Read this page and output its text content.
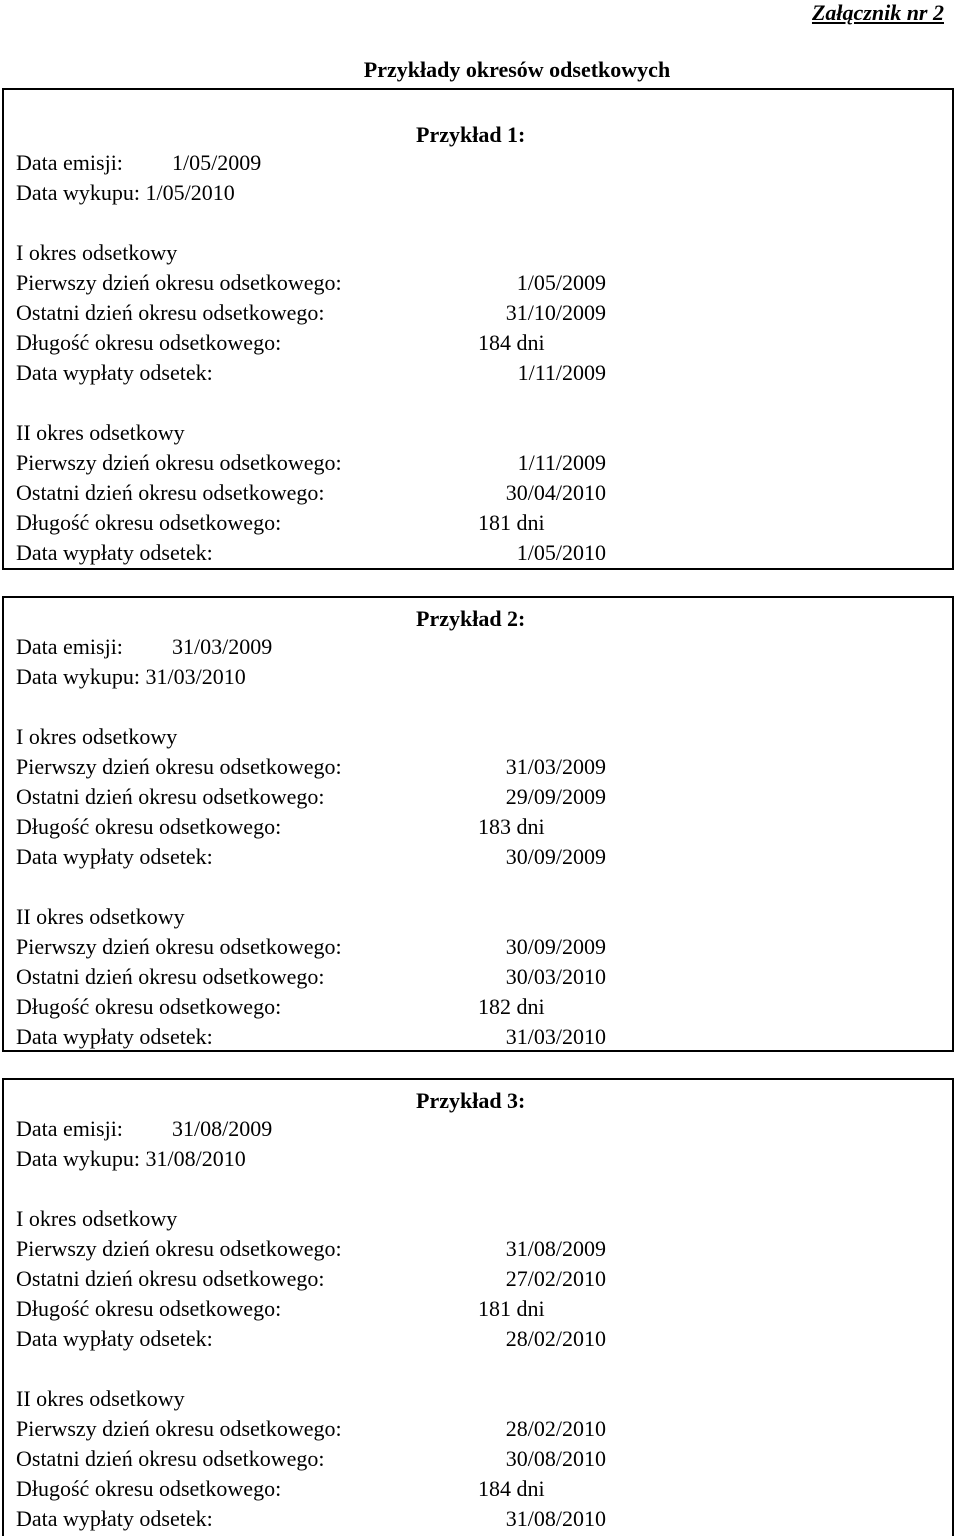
Załącznik nr 2
Przykłady okresów odsetkowych
Przykład 1:
Data emisji: 1/05/2009
Data wykupu: 1/05/2010
I okres odsetkowy
Pierwszy dzień okresu odsetkowego:	1/05/2009
Ostatni dzień okresu odsetkowego:	31/10/2009
Długość okresu odsetkowego:	184 dni
Data wypłaty odsetek:	1/11/2009
II okres odsetkowy
Pierwszy dzień okresu odsetkowego:	1/11/2009
Ostatni dzień okresu odsetkowego:	30/04/2010
Długość okresu odsetkowego:	181 dni
Data wypłaty odsetek:	1/05/2010
Przykład 2:
Data emisji: 31/03/2009
Data wykupu: 31/03/2010
I okres odsetkowy
Pierwszy dzień okresu odsetkowego:	31/03/2009
Ostatni dzień okresu odsetkowego:	29/09/2009
Długość okresu odsetkowego:	183 dni
Data wypłaty odsetek:	30/09/2009
II okres odsetkowy
Pierwszy dzień okresu odsetkowego:	30/09/2009
Ostatni dzień okresu odsetkowego:	30/03/2010
Długość okresu odsetkowego:	182 dni
Data wypłaty odsetek:	31/03/2010
Przykład 3:
Data emisji: 31/08/2009
Data wykupu: 31/08/2010
I okres odsetkowy
Pierwszy dzień okresu odsetkowego:	31/08/2009
Ostatni dzień okresu odsetkowego:	27/02/2010
Długość okresu odsetkowego:	181 dni
Data wypłaty odsetek:	28/02/2010
II okres odsetkowy
Pierwszy dzień okresu odsetkowego:	28/02/2010
Ostatni dzień okresu odsetkowego:	30/08/2010
Długość okresu odsetkowego:	184 dni
Data wypłaty odsetek:	31/08/2010
